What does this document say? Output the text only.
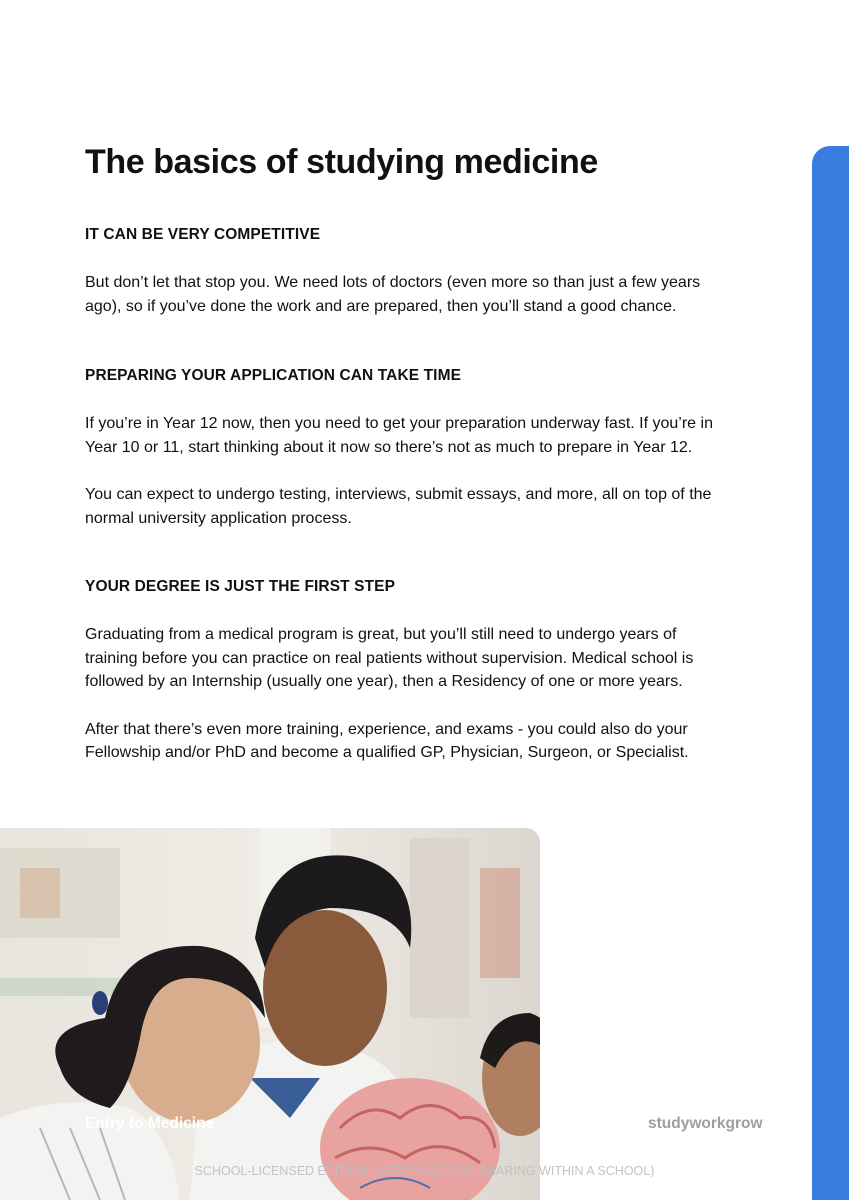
The basics of studying medicine
IT CAN BE VERY COMPETITIVE

But don’t let that stop you. We need lots of doctors (even more so than just a few years ago), so if you’ve done the work and are prepared, then you’ll stand a good chance.

PREPARING YOUR APPLICATION CAN TAKE TIME

If you’re in Year 12 now, then you need to get your preparation underway fast. If you’re in Year 10 or 11, start thinking about it now so there’s not as much to prepare in Year 12.

You can expect to undergo testing, interviews, submit essays, and more, all on top of the normal university application process.

YOUR DEGREE IS JUST THE FIRST STEP

Graduating from a medical program is great, but you’ll still need to undergo years of training before you can practice on real patients without supervision. Medical school is followed by an Internship (usually one year), then a Residency of one or more years.

After that there’s even more training, experience, and exams - you could also do your Fellowship and/or PhD and become a qualified GP, Physician, Surgeon, or Specialist.

Entry to Medicine	studyworkgrow
SCHOOL-LICENSED EDITION (APPROVED FOR SHARING WITHIN A SCHOOL)
